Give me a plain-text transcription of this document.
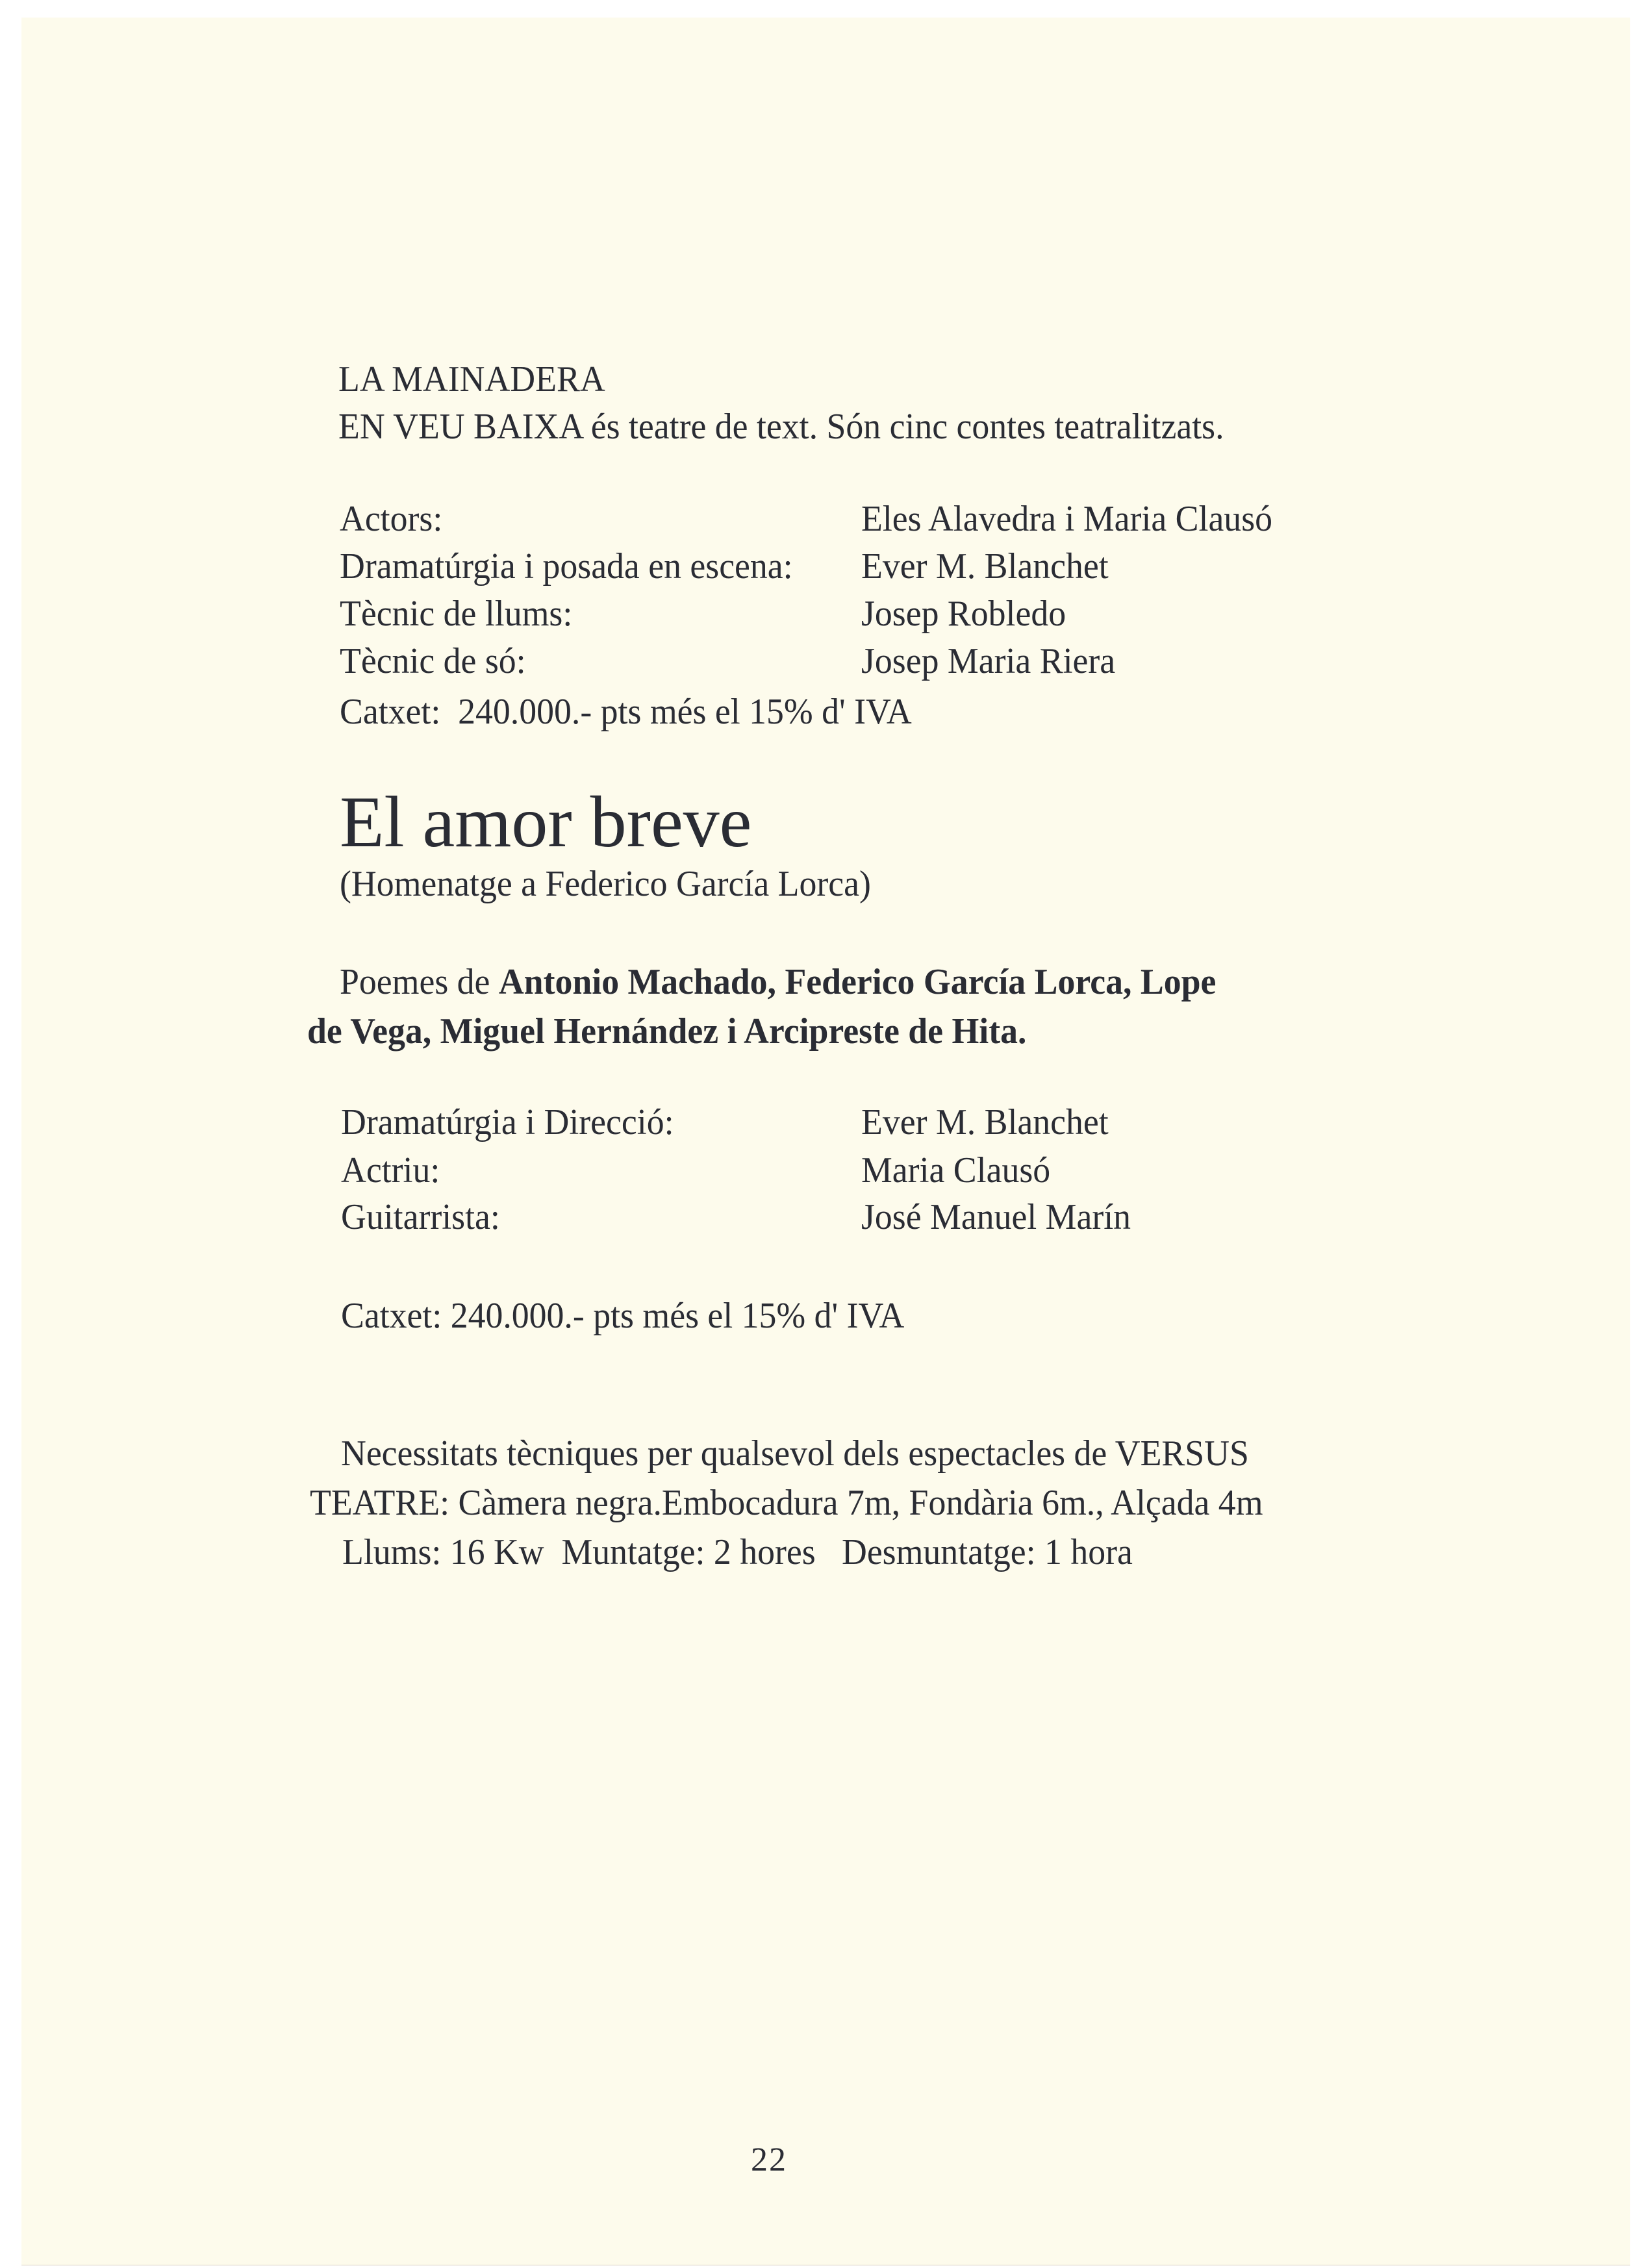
LA MAINADERA
EN VEU BAIXA és teatre de text. Són cinc contes teatralitzats.
Actors:	Eles Alavedra i Maria Clausó
Dramatúrgia i posada en escena: Ever M. Blanchet
Tècnic de llums:	Josep Robledo
Tècnic de só:	Josep Maria Riera
Catxet: 240.000.- pts més el 15% d' IVA
El amor breve
(Homenatge a Federico García Lorca)
Poemes de Antonio Machado, Federico García Lorca, Lope
de Vega, Miguel Hernández i Arcipreste de Hita.
Dramatúrgia i Direcció:	Ever M. Blanchet
Actriu:	Maria Clausó
Guitarrista:	José Manuel Marín
Catxet: 240.000.- pts més el 15% d' IVA
Necessitats tècniques per qualsevol dels espectacles de VERSUS
TEATRE: Càmera negra.Embocadura 7m, Fondària 6m., Alçada 4m
Llums: 16 Kw  Muntatge: 2 hores   Desmuntatge: 1 hora
22
